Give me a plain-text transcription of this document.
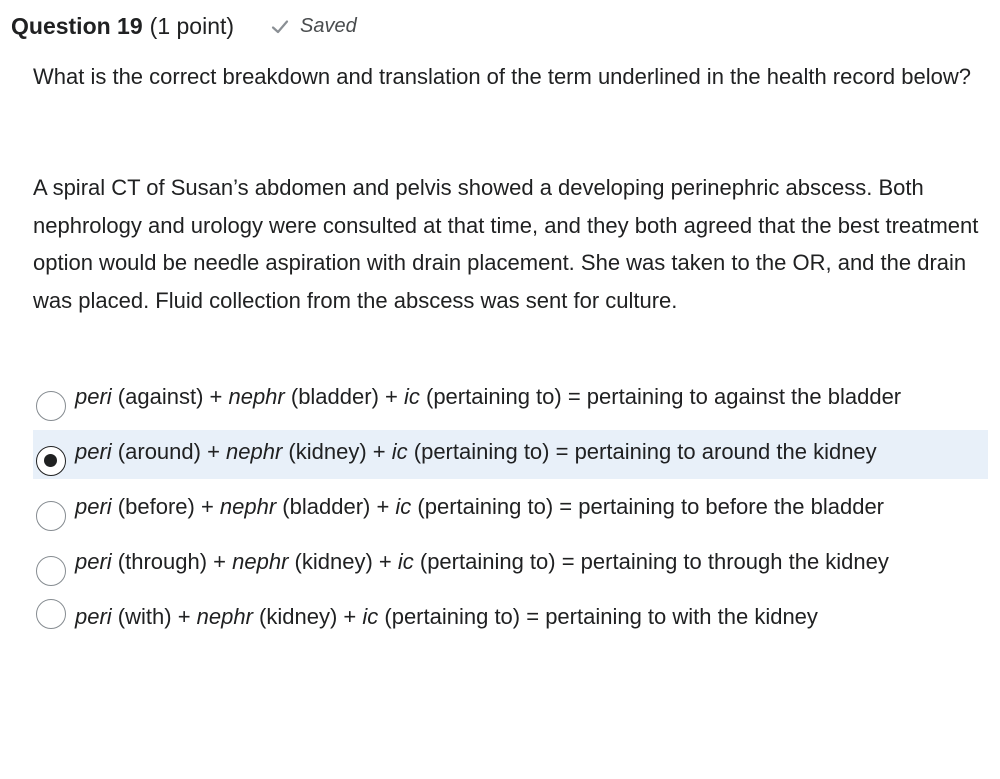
Question 19 (1 point)	Saved
What is the correct breakdown and translation of the term underlined in the health record below?
A spiral CT of Susan’s abdomen and pelvis showed a developing perinephric abscess. Both nephrology and urology were consulted at that time, and they both agreed that the best treatment option would be needle aspiration with drain placement. She was taken to the OR, and the drain was placed. Fluid collection from the abscess was sent for culture.
peri (against) + nephr (bladder) + ic (pertaining to) = pertaining to against the bladder
peri (around) + nephr (kidney) + ic (pertaining to) = pertaining to around the kidney
peri (before) + nephr (bladder) + ic (pertaining to) = pertaining to before the bladder
peri (through) + nephr (kidney) + ic (pertaining to) = pertaining to through the kidney
peri (with) + nephr (kidney) + ic (pertaining to) = pertaining to with the kidney
